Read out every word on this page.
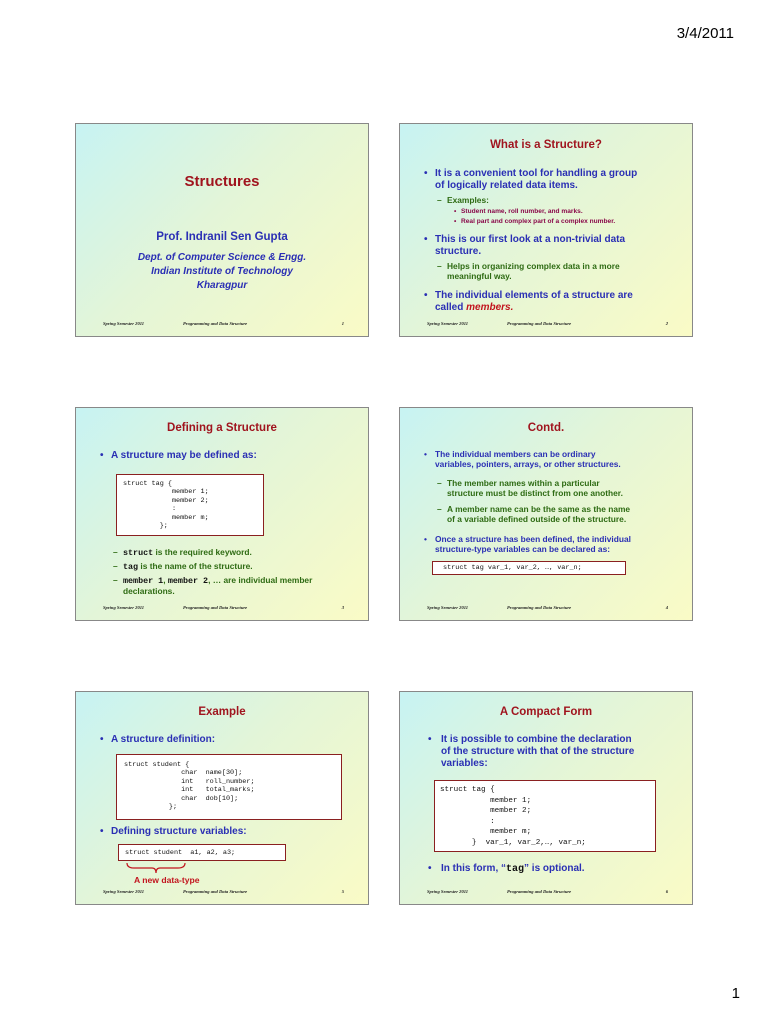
3/4/2011
Structures
Prof. Indranil Sen Gupta
Dept. of Computer Science & Engg.
Indian Institute of Technology
Kharagpur
Spring Semester 2011	Programming and Data Structure	1
What is a Structure?
• It is a convenient tool for handling a group
of logically related data items.
– Examples:
• Student name, roll number, and marks.
• Real part and complex part of a complex number.
• This is our first look at a non-trivial data
structure.
– Helps in organizing complex data in a more
meaningful way.
• The individual elements of a structure are
called members.
Spring Semester 2011	Programming and Data Structure	2
Defining a Structure
• A structure may be defined as:
struct tag {
member 1;
member 2;
:
member m;
};
– struct is the required keyword.
– tag is the name of the structure.
– member 1, member 2, … are individual member
declarations.
Spring Semester 2011	Programming and Data Structure	3
Contd.
• The individual members can be ordinary
variables, pointers, arrays, or other structures.
– The member names within a particular
structure must be distinct from one another.
– A member name can be the same as the name
of a variable defined outside of the structure.
• Once a structure has been defined, the individual
structure-type variables can be declared as:
struct tag var_1, var_2, …, var_n;
Spring Semester 2011	Programming and Data Structure	4
Example
• A structure definition:
struct student {
char  name[30];
int   roll_number;
int   total_marks;
char  dob[10];
};
• Defining structure variables:
struct student  a1, a2, a3;
A new data-type
Spring Semester 2011	Programming and Data Structure	5
A Compact Form
• It is possible to combine the declaration
of the structure with that of the structure
variables:
struct tag {
member 1;
member 2;
:
member m;
}  var_1, var_2,…, var_n;
• In this form, “tag” is optional.
Spring Semester 2011	Programming and Data Structure	6
1
